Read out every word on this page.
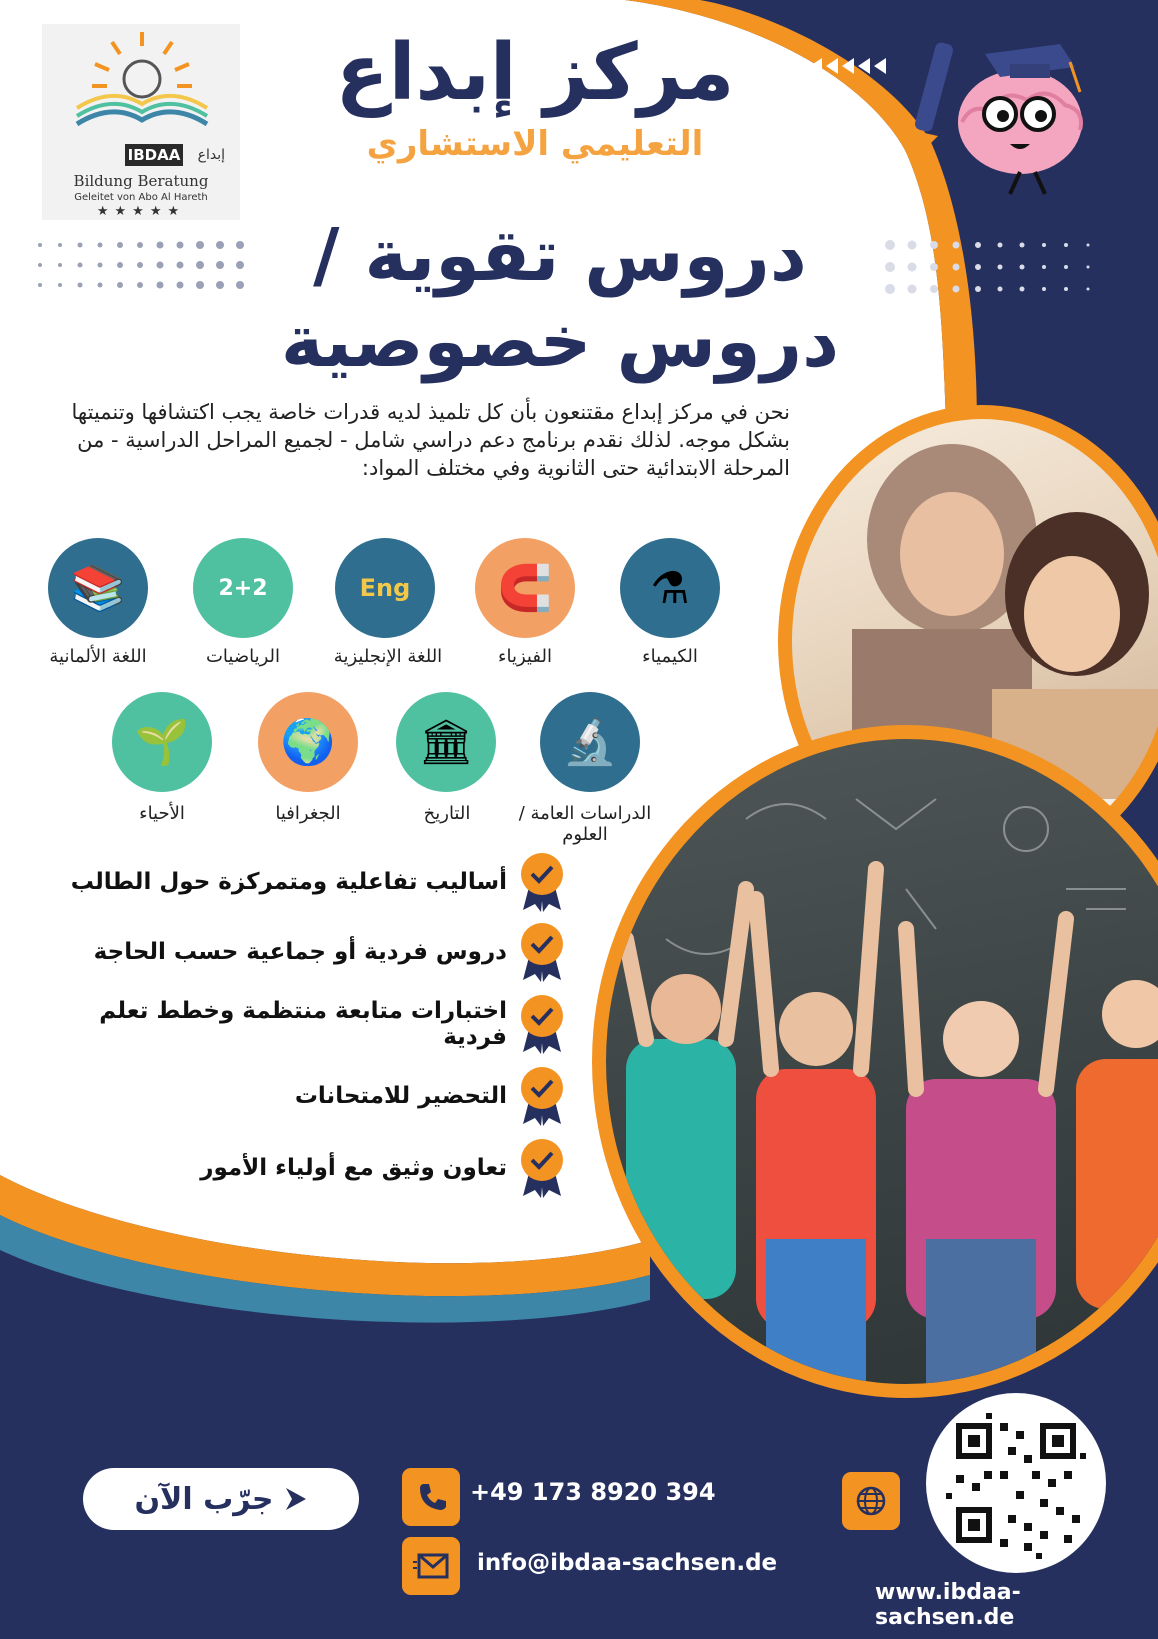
IBDAA	إبداع
Bildung Beratung
Geleitet von Abo Al Hareth
★★★★★
مركز إبداع
التعليمي الاستشاري
دروس تقوية /
دروس خصوصية
نحن في مركز إبداع مقتنعون بأن كل تلميذ لديه قدرات خاصة يجب اكتشافها وتنميتها بشكل موجه. لذلك نقدم برنامج دعم دراسي شامل - لجميع المراحل الدراسية - من المرحلة الابتدائية حتى الثانوية وفي مختلف المواد:
⚗
الكيمياء
🧲
الفيزياء
Eng
اللغة الإنجليزية
2+2
الرياضيات
📚
اللغة الألمانية
🔬
الدراسات العامة / العلوم
🏛
التاريخ
🌍
الجغرافيا
🌱
الأحياء
أساليب تفاعلية ومتمركزة حول الطالب
دروس فردية أو جماعية حسب الحاجة
اختبارات متابعة منتظمة وخطط تعلم فردية
التحضير للامتحانات
تعاون وثيق مع أولياء الأمور
جرّب الآن	+49 173 8920 394
info@ibdaa-sachsen.de
www.ibdaa-sachsen.de
